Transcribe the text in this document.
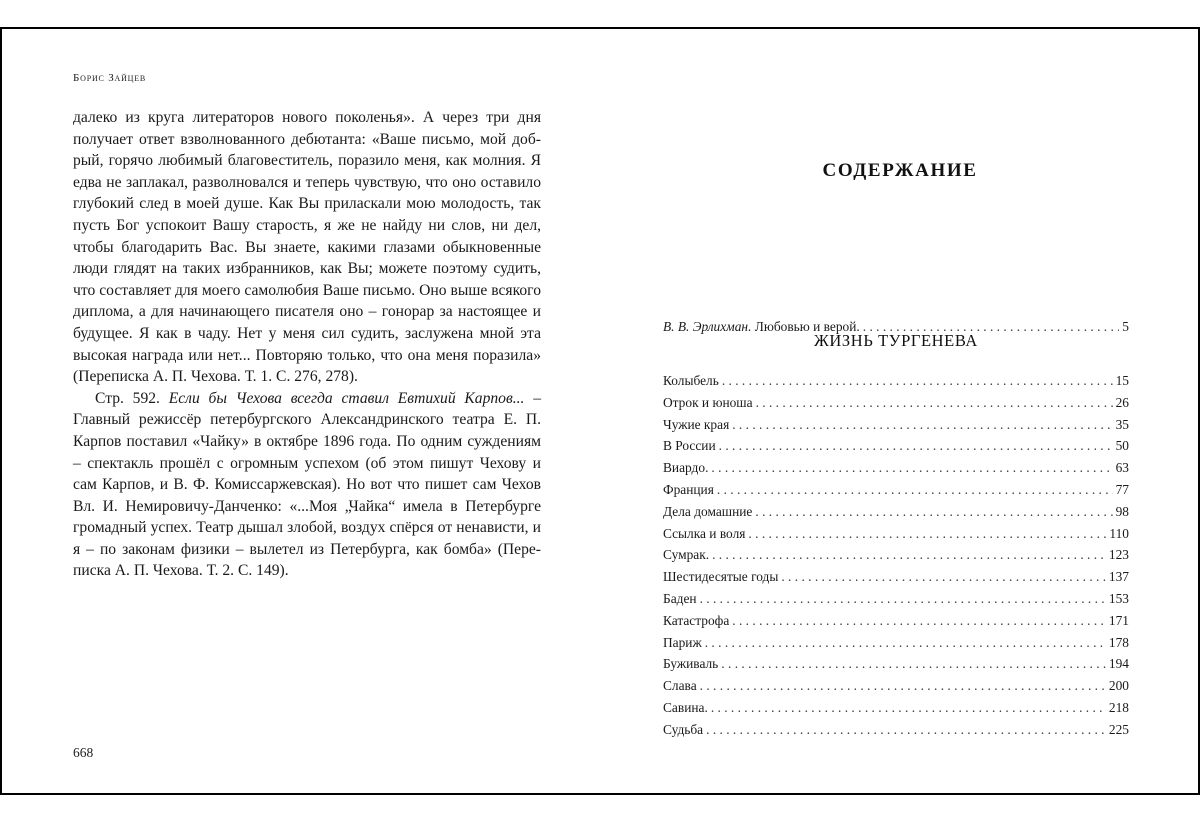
Борис Зайцев

далеко из круга литераторов нового поколенья». А через три дня получает ответ взволнованного дебютанта: «Ваше письмо, мой добрый, горячо любимый благовеститель, поразило меня, как молния. Я едва не заплакал, разволновался и теперь чувствую, что оно оставило глубокий след в моей душе. Как Вы приласкали мою молодость, так пусть Бог успокоит Вашу старость, я же не найду ни слов, ни дел, чтобы благодарить Вас. Вы знаете, какими глазами обыкновенные люди глядят на таких избранников, как Вы; можете поэтому судить, что составляет для моего самолюбия Ваше письмо. Оно выше всякого диплома, а для начинающего писателя оно – гонорар за настоящее и будущее. Я как в чаду. Нет у меня сил судить, заслужена мной эта высокая награда или нет... Повторяю только, что она меня поразила» (Переписка А. П. Чехова. Т. 1. С. 276, 278).

Стр. 592. Если бы Чехова всегда ставил Евтихий Карпов... – Главный режиссёр петербургского Александринского театра Е. П. Карпов поставил «Чайку» в октябре 1896 года. По одним суждениям – спектакль прошёл с огромным успехом (об этом пишут Чехову и сам Карпов, и В. Ф. Комиссаржевская). Но вот что пишет сам Чехов Вл. И. Немировичу-Данченко: «...Моя „Чайка“ имела в Петербурге громадный успех. Театр дышал злобой, воздух спёрся от ненависти, и я – по законам физики – вылетел из Петербурга, как бомба» (Переписка А. П. Чехова. Т. 2. С. 149).

668
СОДЕРЖАНИЕ
В. В. Эрлихман. Любовью и верой. . . .	5
ЖИЗНЬ ТУРГЕНЕВА
Колыбель . . .	15
Отрок и юноша . . .	26
Чужие края . . .	35
В России . . .	50
Виардо. . . .	63
Франция . . .	77
Дела домашние . . .	98
Ссылка и воля . . .	110
Сумрак. . . .	123
Шестидесятые годы . . .	137
Баден . . .	153
Катастрофа . . .	171
Париж . . .	178
Буживаль . . .	194
Слава . . .	200
Савина. . . .	218
Судьба . . .	225
